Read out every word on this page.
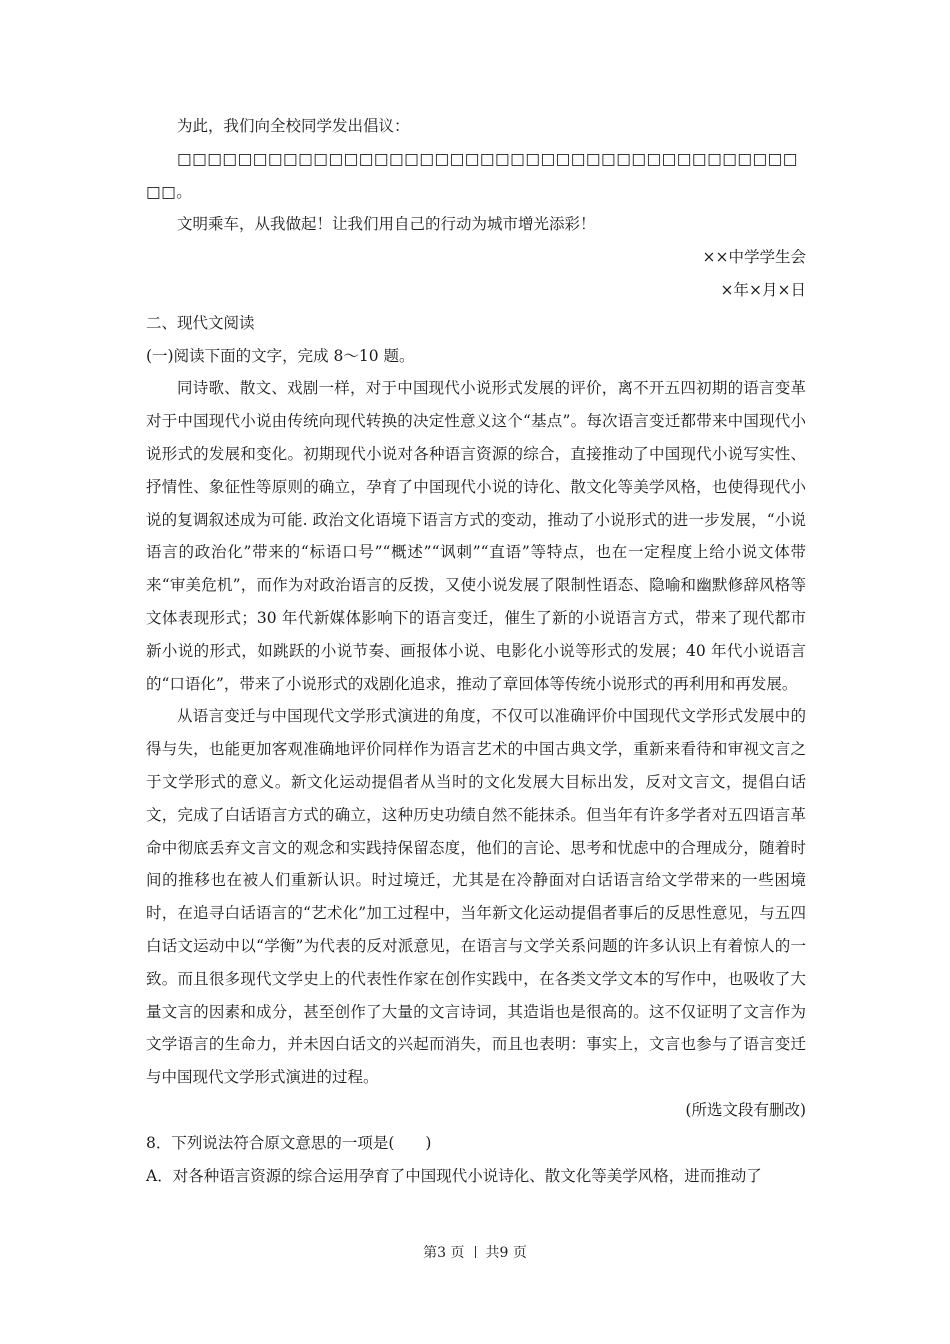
为此，我们向全校同学发出倡议：

□□□□□□□□□□□□□□□□□□□□□□□□□□□□□□□□□□□□□□□□□□□。

文明乘车，从我做起！让我们用自己的行动为城市增光添彩！
××中学学生会
×年×月×日
二、现代文阅读
(一)阅读下面的文字，完成 8～10 题。

同诗歌、散文、戏剧一样，对于中国现代小说形式发展的评价，离不开五四初期的语言变革对于中国现代小说由传统向现代转换的决定性意义这个“基点”。每次语言变迁都带来中国现代小说形式的发展和变化。初期现代小说对各种语言资源的综合，直接推动了中国现代小说写实性、抒情性、象征性等原则的确立，孕育了中国现代小说的诗化、散文化等美学风格，也使得现代小说的复调叙述成为可能. 政治文化语境下语言方式的变动，推动了小说形式的进一步发展，“小说语言的政治化”带来的“标语口号”“概述”“讽刺”“直语”等特点，也在一定程度上给小说文体带来“审美危机”，而作为对政治语言的反拨，又使小说发展了限制性语态、隐喻和幽默修辞风格等文体表现形式；30 年代新媒体影响下的语言变迁，催生了新的小说语言方式，带来了现代都市新小说的形式，如跳跃的小说节奏、画报体小说、电影化小说等形式的发展；40 年代小说语言的“口语化”，带来了小说形式的戏剧化追求，推动了章回体等传统小说形式的再利用和再发展。

从语言变迁与中国现代文学形式演进的角度，不仅可以准确评价中国现代文学形式发展中的得与失，也能更加客观准确地评价同样作为语言艺术的中国古典文学，重新来看待和审视文言之于文学形式的意义。新文化运动提倡者从当时的文化发展大目标出发，反对文言文，提倡白话文，完成了白话语言方式的确立，这种历史功绩自然不能抹杀。但当年有许多学者对五四语言革命中彻底丢弃文言文的观念和实践持保留态度，他们的言论、思考和忧虑中的合理成分，随着时间的推移也在被人们重新认识。时过境迁，尤其是在冷静面对白话语言给文学带来的一些困境时，在追寻白话语言的“艺术化”加工过程中，当年新文化运动提倡者事后的反思性意见，与五四白话文运动中以“学衡”为代表的反对派意见，在语言与文学关系问题的许多认识上有着惊人的一致。而且很多现代文学史上的代表性作家在创作实践中，在各类文学文本的写作中，也吸收了大量文言的因素和成分，甚至创作了大量的文言诗词，其造诣也是很高的。这不仅证明了文言作为文学语言的生命力，并未因白话文的兴起而消失，而且也表明：事实上，文言也参与了语言变迁与中国现代文学形式演进的过程。

(所选文段有删改)
8．下列说法符合原文意思的一项是(　　)
A．对各种语言资源的综合运用孕育了中国现代小说诗化、散文化等美学风格，进而推动了
第3 页 共9 页
